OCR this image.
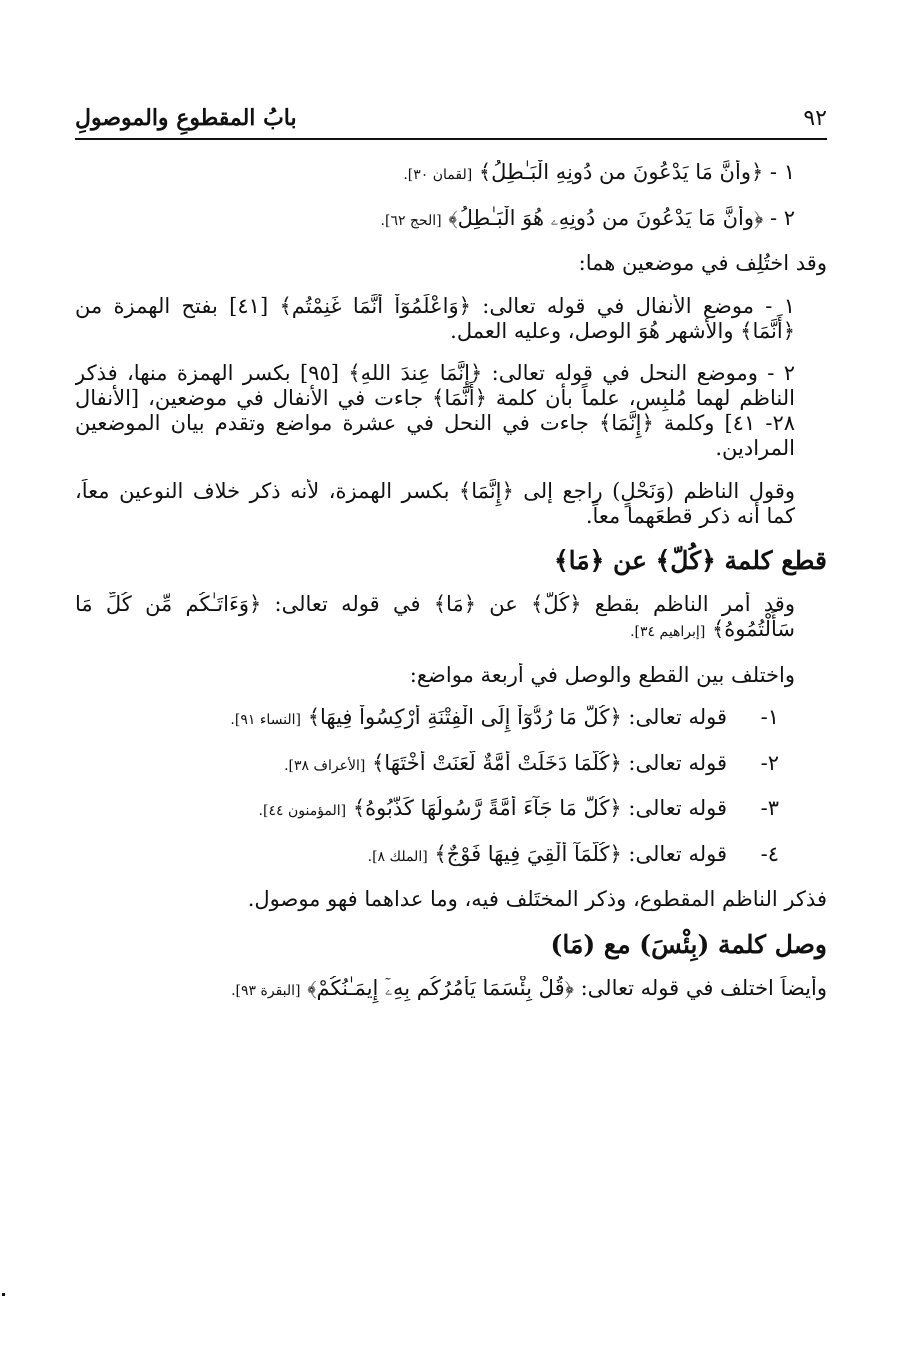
٩٢
بابُ المقطوعِ والموصولِ

١ - ﴿وأَنَّ مَا يَدْعُونَ من دُونِهِ الْبَـٰطِلُ﴾ [لقمان ٣٠].

٢ - ﴿وأَنَّ مَا يَدْعُونَ من دُونِهِۦ هُوَ الْبَـٰطِلُ﴾ [الحج ٦٢].

وقد اختُلِف في موضعين هما:

١ - موضع الأنفال في قوله تعالى: ﴿وَاعْلَمُوٓاْ أَنَّمَا غَنِمْتُم﴾ [٤١] بفتح الهمزة من ﴿أَنَّمَا﴾ والأشهر هُوَ الوصل، وعليه العمل.

٢ - وموضع النحل في قوله تعالى: ﴿إِنَّمَا عِندَ اللهِ﴾ [٩٥] بكسر الهمزة منها، فذكر الناظم لهما مُلبِس، علماً بأن كلمة ﴿أَنَّمَا﴾ جاءت في الأنفال في موضعين، [الأنفال ٢٨- ٤١] وكلمة ﴿إِنَّمَا﴾ جاءت في النحل في عشرة مواضع وتقدم بيان الموضعين المرادين.

وقول الناظم (وَنَحْلٍ) راجع إلى ﴿إِنَّمَا﴾ بكسر الهمزة، لأنه ذكر خلاف النوعين معاً، كما أنه ذكر قطعَهما معاً.

قطع كلمة ﴿كُلّ﴾ عن ﴿مَا﴾

وقد أمر الناظم بقطع ﴿كُلّ﴾ عن ﴿مَا﴾ في قوله تعالى: ﴿وَءَاتَـٰكُم مِّن كُلِّ مَا سَأَلْتُمُوهُ﴾ [إبراهيم ٣٤].

واختلف بين القطع والوصل في أربعة مواضع:

١-قوله تعالى: ﴿كُلَّ مَا رُدُّوٓاْ إِلَى الْفِتْنَةِ أُرْكِسُواْ فِيهَا﴾ [النساء ٩١].

٢-قوله تعالى: ﴿كُلَّمَا دَخَلَتْ أُمَّةٌ لَّعَنَتْ أُخْتَهَا﴾ [الأعراف ٣٨].

٣-قوله تعالى: ﴿كُلَّ مَا جَآءَ أُمَّةً رَّسُولُهَا كَذَّبُوهُ﴾ [المؤمنون ٤٤].

٤-قوله تعالى: ﴿كُلَّمَآ أُلْقِيَ فِيهَا فَوْجٌ﴾ [الملك ٨].

فذكر الناظم المقطوع، وذكر المختَلف فيه، وما عداهما فهو موصول.

وصل كلمة (بِئْسَ) مع (مَا)

وأيضاً اختلف في قوله تعالى: ﴿قُلْ بِئْسَمَا يَأْمُرُكُم بِهِۦٓ إِيمَـٰنُكُمْ﴾ [البقرة ٩٣].
